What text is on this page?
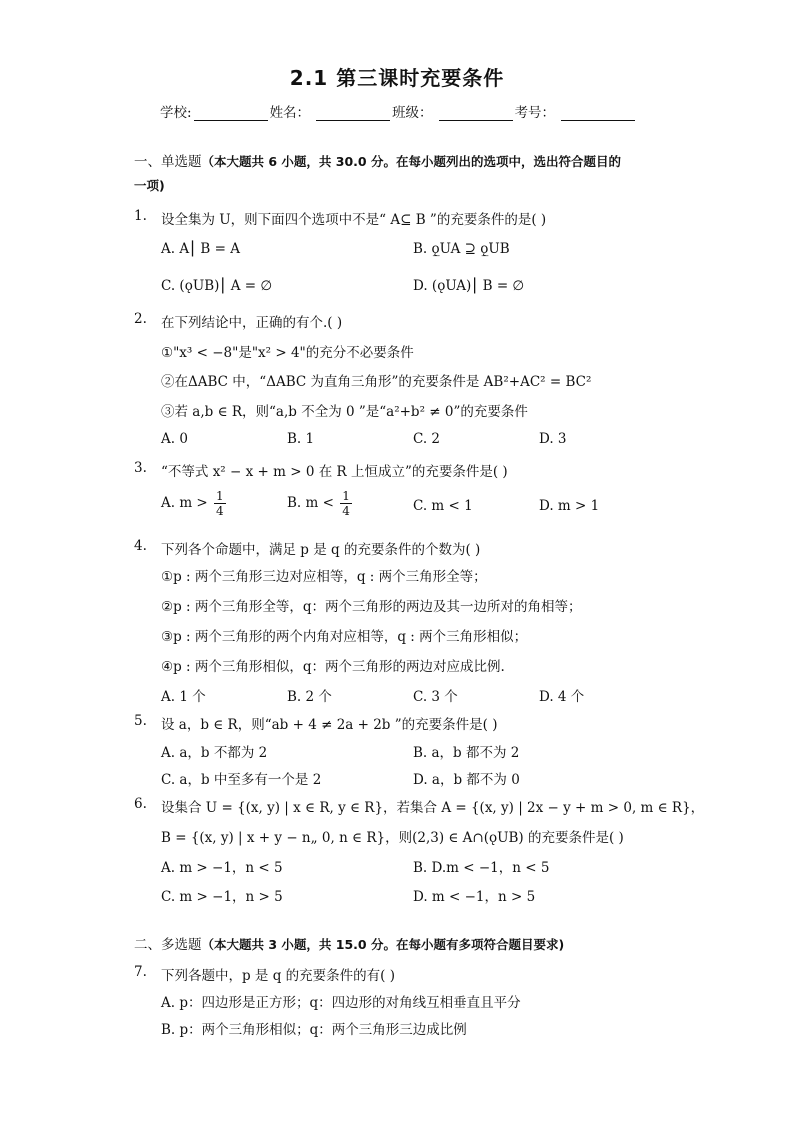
2.1 第三课时充要条件
学校:	姓名：	班级：	考号：
一、单选题（本大题共 6 小题，共 30.0 分。在每小题列出的选项中，选出符合题目的
一项)
1. 设全集为 U，则下面四个选项中不是“ A⊆ B ”的充要条件的是( )
A. A⎮ B = A	B. ǫ̲UA ⊇ ǫ̲UB
C. (ǫUB)⎮ A = ∅	D. (ǫUA)⎮ B = ∅
2. 在下列结论中，正确的有个.( )
①"x³ < −8"是"x² > 4"的充分不必要条件
②在ΔABC 中，“ΔABC 为直角三角形”的充要条件是 AB²+AC² = BC²
③若 a,b ∈ R，则“a,b 不全为 0 ”是“a²+b² ≠ 0”的充要条件
A. 0	B. 1	C. 2	D. 3
3. “不等式 x² − x + m > 0 在 R 上恒成立”的充要条件是( )
A. $m > \frac{1}{4}$	B. $m < \frac{1}{4}$	C. m < 1	D. m > 1
4. 下列各个命题中，满足 p 是 q 的充要条件的个数为( )
①p : 两个三角形三边对应相等，q : 两个三角形全等；
②p : 两个三角形全等，q：两个三角形的两边及其一边所对的角相等；
③p : 两个三角形的两个内角对应相等，q : 两个三角形相似；
④p : 两个三角形相似，q：两个三角形的两边对应成比例.
A. 1 个	B. 2 个	C. 3 个	D. 4 个
5. 设 a，b ∈ R，则“ab + 4 ≠ 2a + 2b ”的充要条件是( )
A. a，b 不都为 2	B. a，b 都不为 2
C. a，b 中至多有一个是 2	D. a，b 都不为 0
6. 设集合 U = {(x, y) | x ∈ R, y ∈ R}，若集合 A = {(x, y) | 2x − y + m > 0, m ∈ R}，
B = {(x, y) | x + y − n„ 0, n ∈ R}，则(2,3) ∈ A∩(ǫUB) 的充要条件是( )
A. m > −1，n < 5	B. D.m < −1，n < 5
C. m > −1，n > 5	D. m < −1，n > 5
二、多选题（本大题共 3 小题，共 15.0 分。在每小题有多项符合题目要求)
7. 下列各题中，p 是 q 的充要条件的有( )
A. p：四边形是正方形；q：四边形的对角线互相垂直且平分
B. p：两个三角形相似；q：两个三角形三边成比例
